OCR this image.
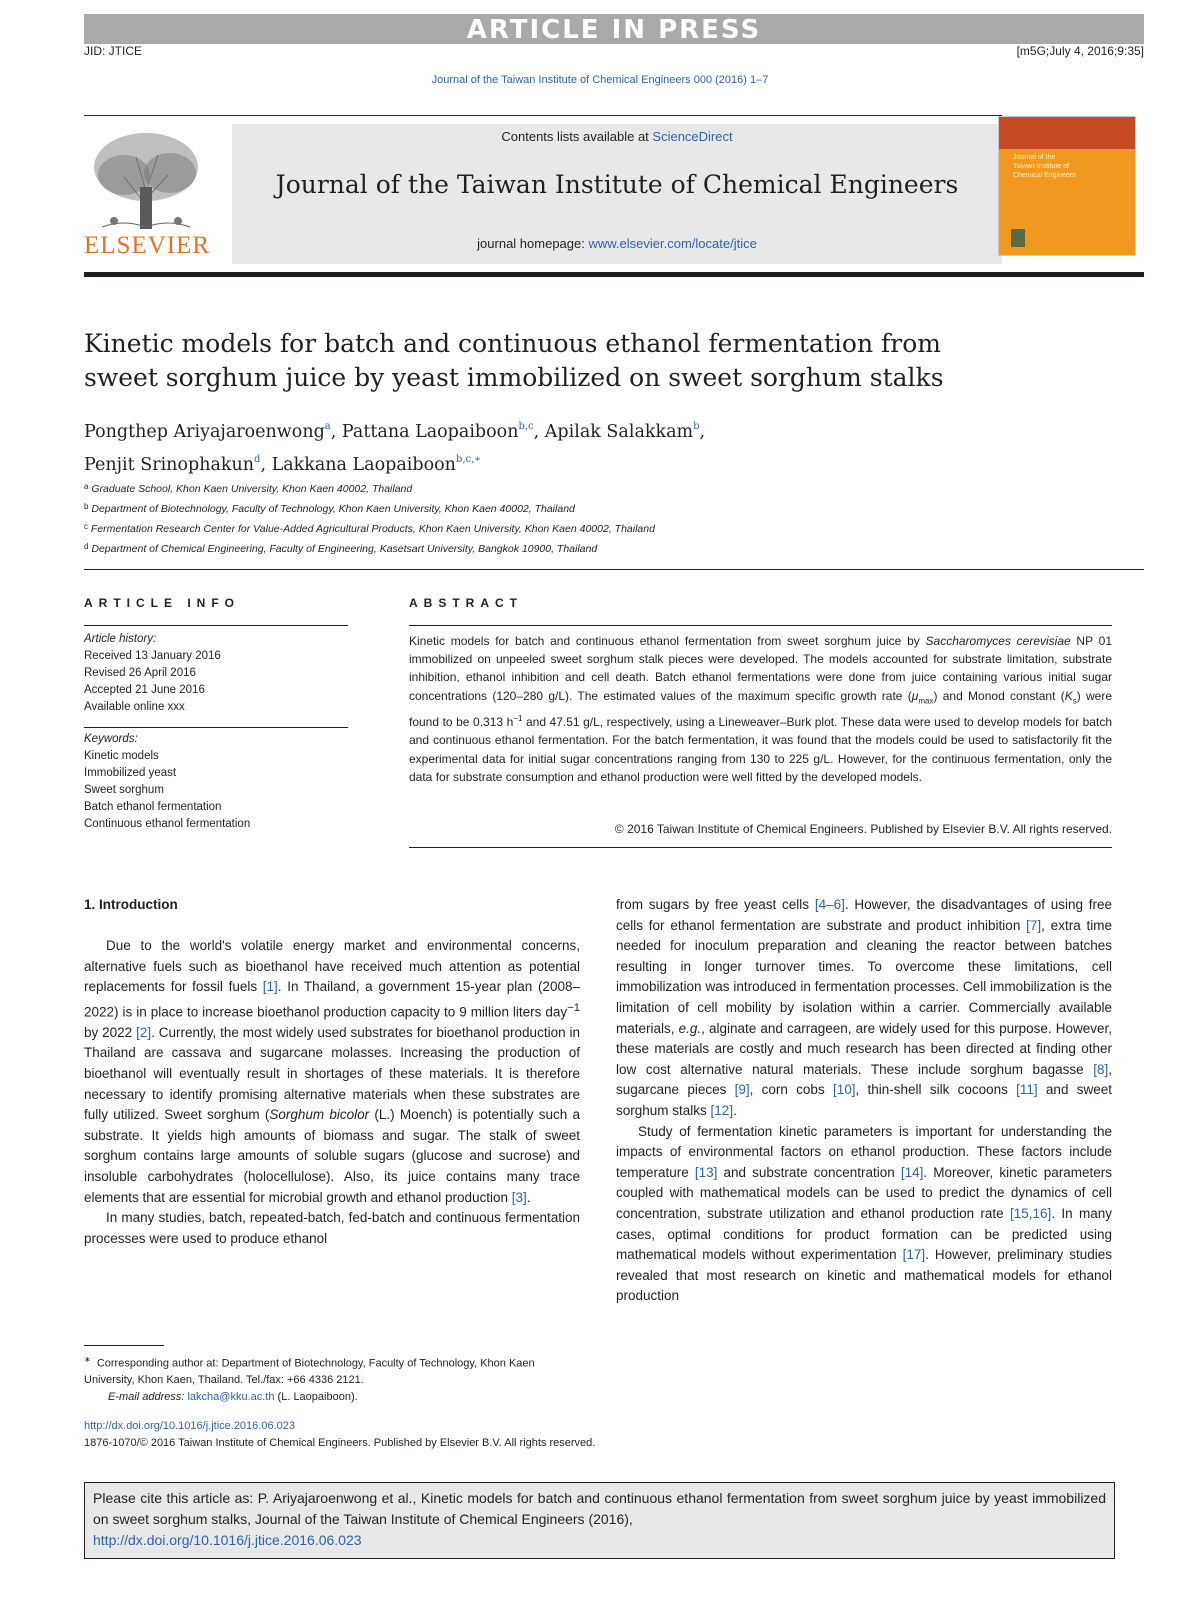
ARTICLE IN PRESS
JID: JTICE	[m5G;July 4, 2016;9:35]
Journal of the Taiwan Institute of Chemical Engineers 000 (2016) 1–7
ELSEVIER
Contents lists available at ScienceDirect
Journal of the Taiwan Institute of Chemical Engineers
journal homepage: www.elsevier.com/locate/jtice
Journal of the
Taiwan Institute of
Chemical Engineers
Kinetic models for batch and continuous ethanol fermentation from
sweet sorghum juice by yeast immobilized on sweet sorghum stalks
Pongthep Ariyajaroenwong$^a$, Pattana Laopaiboon$^{b,c}$, Apilak Salakkam$^b$,
Penjit Srinophakun$^d$, Lakkana Laopaiboon$^{b,c,∗}$
$^a$ Graduate School, Khon Kaen University, Khon Kaen 40002, Thailand
$^b$ Department of Biotechnology, Faculty of Technology, Khon Kaen University, Khon Kaen 40002, Thailand
$^c$ Fermentation Research Center for Value-Added Agricultural Products, Khon Kaen University, Khon Kaen 40002, Thailand
$^d$ Department of Chemical Engineering, Faculty of Engineering, Kasetsart University, Bangkok 10900, Thailand
ARTICLE INFO
Article history:
Received 13 January 2016
Revised 26 April 2016
Accepted 21 June 2016
Available online xxx
Keywords:
Kinetic models
Immobilized yeast
Sweet sorghum
Batch ethanol fermentation
Continuous ethanol fermentation
ABSTRACT
Kinetic models for batch and continuous ethanol fermentation from sweet sorghum juice by Saccharomyces cerevisiae NP 01 immobilized on unpeeled sweet sorghum stalk pieces were developed. The models accounted for substrate limitation, substrate inhibition, ethanol inhibition and cell death. Batch ethanol fermentations were done from juice containing various initial sugar concentrations (120–280 g/L). The estimated values of the maximum specific growth rate $(\mu_{max})$ and Monod constant $(K_s)$ were found to be 0.313 $h^{-1}$ and 47.51 g/L, respectively, using a Lineweaver–Burk plot. These data were used to develop models for batch and continuous ethanol fermentation. For the batch fermentation, it was found that the models could be used to satisfactorily fit the experimental data for initial sugar concentrations ranging from 130 to 225 g/L. However, for the continuous fermentation, only the data for substrate consumption and ethanol production were well fitted by the developed models.
© 2016 Taiwan Institute of Chemical Engineers. Published by Elsevier B.V. All rights reserved.
1. Introduction

Due to the world's volatile energy market and environmental concerns, alternative fuels such as bioethanol have received much attention as potential replacements for fossil fuels [1]. In Thailand, a government 15-year plan (2008–2022) is in place to increase bioethanol production capacity to 9 million liters day$^{-1}$ by 2022 [2]. Currently, the most widely used substrates for bioethanol production in Thailand are cassava and sugarcane molasses. Increasing the production of bioethanol will eventually result in shortages of these materials. It is therefore necessary to identify promising alternative materials when these substrates are fully utilized. Sweet sorghum (Sorghum bicolor (L.) Moench) is potentially such a substrate. It yields high amounts of biomass and sugar. The stalk of sweet sorghum contains large amounts of soluble sugars (glucose and sucrose) and insoluble carbohydrates (holocellulose). Also, its juice contains many trace elements that are essential for microbial growth and ethanol production [3].

In many studies, batch, repeated-batch, fed-batch and continuous fermentation processes were used to produce ethanol

from sugars by free yeast cells [4–6]. However, the disadvantages of using free cells for ethanol fermentation are substrate and product inhibition [7], extra time needed for inoculum preparation and cleaning the reactor between batches resulting in longer turnover times. To overcome these limitations, cell immobilization was introduced in fermentation processes. Cell immobilization is the limitation of cell mobility by isolation within a carrier. Commercially available materials, e.g., alginate and carrageen, are widely used for this purpose. However, these materials are costly and much research has been directed at finding other low cost alternative natural materials. These include sorghum bagasse [8], sugarcane pieces [9], corn cobs [10], thin-shell silk cocoons [11] and sweet sorghum stalks [12].

Study of fermentation kinetic parameters is important for understanding the impacts of environmental factors on ethanol production. These factors include temperature [13] and substrate concentration [14]. Moreover, kinetic parameters coupled with mathematical models can be used to predict the dynamics of cell concentration, substrate utilization and ethanol production rate [15,16]. In many cases, optimal conditions for product formation can be predicted using mathematical models without experimentation [17]. However, preliminary studies revealed that most research on kinetic and mathematical models for ethanol production

∗ Corresponding author at: Department of Biotechnology, Faculty of Technology, Khon Kaen University, Khon Kaen, Thailand. Tel./fax: +66 4336 2121.
E-mail address: lakcha@kku.ac.th (L. Laopaiboon).
http://dx.doi.org/10.1016/j.jtice.2016.06.023
1876-1070/© 2016 Taiwan Institute of Chemical Engineers. Published by Elsevier B.V. All rights reserved.
Please cite this article as: P. Ariyajaroenwong et al., Kinetic models for batch and continuous ethanol fermentation from sweet sorghum juice by yeast immobilized on sweet sorghum stalks, Journal of the Taiwan Institute of Chemical Engineers (2016),
http://dx.doi.org/10.1016/j.jtice.2016.06.023
